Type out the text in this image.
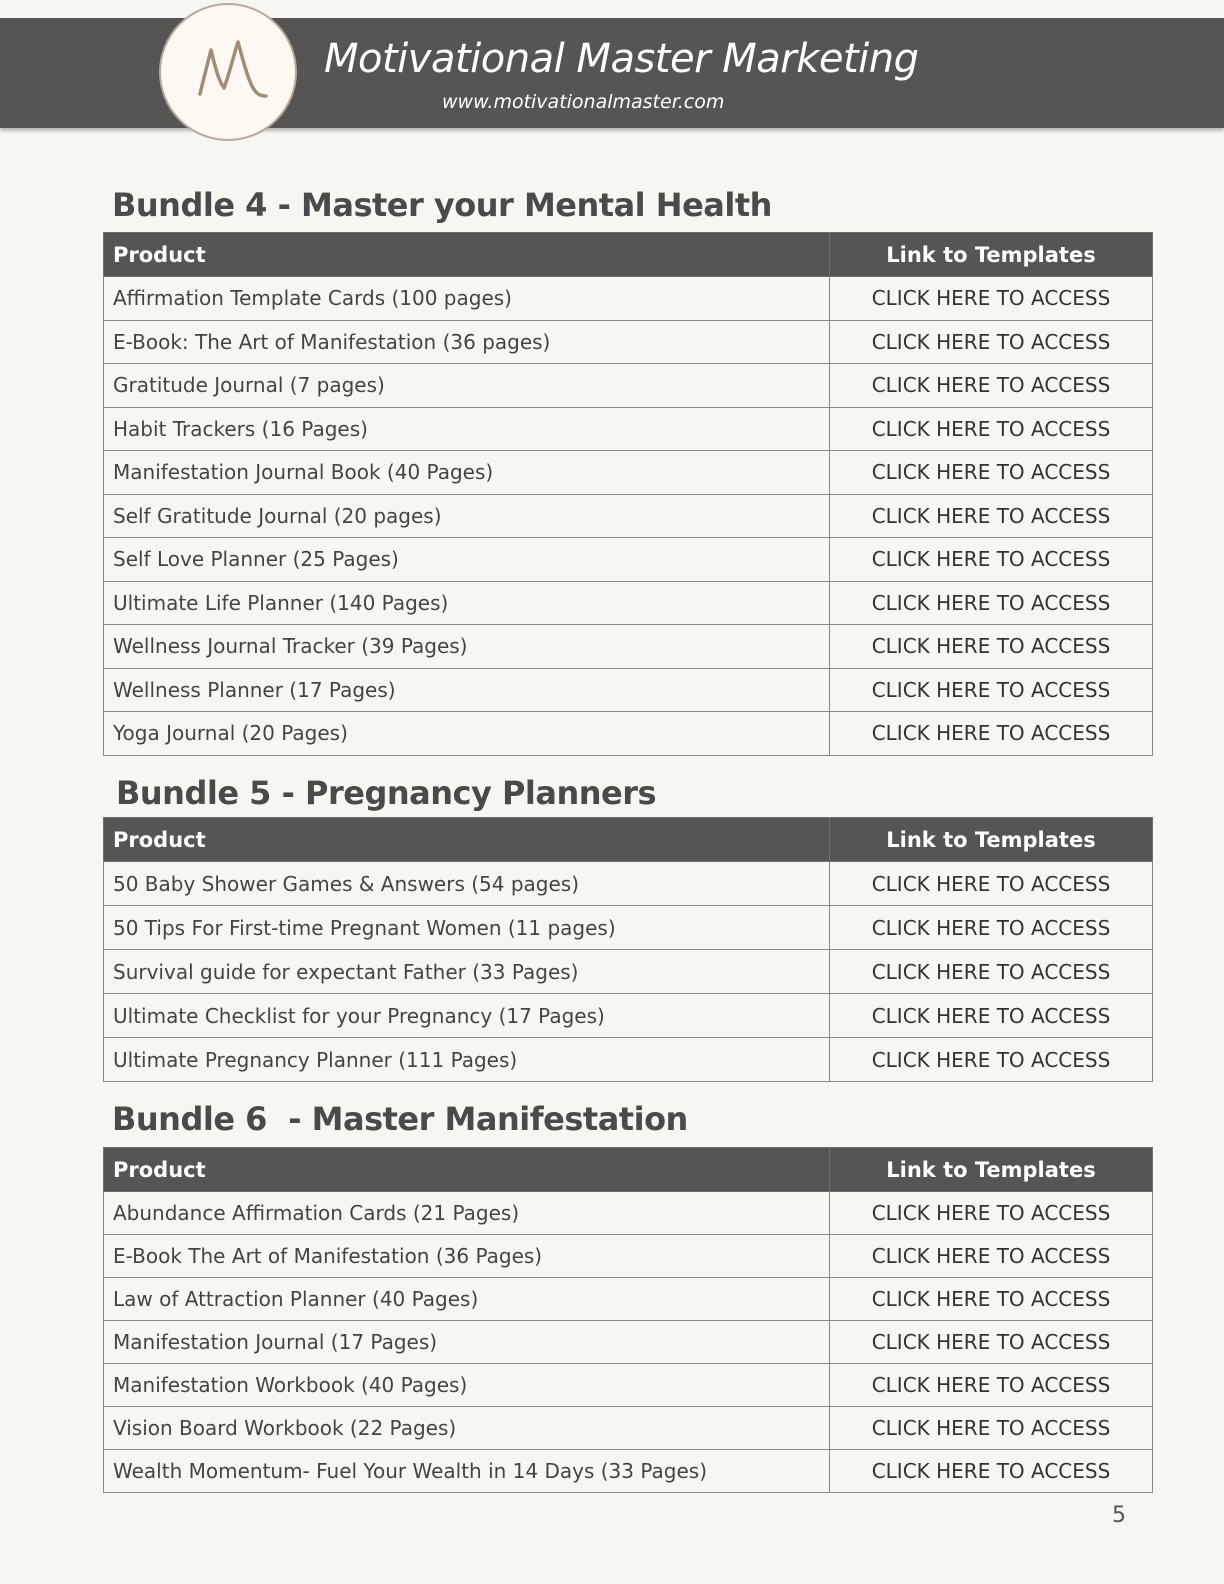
Motivational Master Marketing
www.motivationalmaster.com
Bundle 4 - Master your Mental Health
Product	Link to Templates
Affirmation Template Cards (100 pages)	CLICK HERE TO ACCESS
E-Book: The Art of Manifestation (36 pages)	CLICK HERE TO ACCESS
Gratitude Journal (7 pages)	CLICK HERE TO ACCESS
Habit Trackers (16 Pages)	CLICK HERE TO ACCESS
Manifestation Journal Book (40 Pages)	CLICK HERE TO ACCESS
Self Gratitude Journal (20 pages)	CLICK HERE TO ACCESS
Self Love Planner (25 Pages)	CLICK HERE TO ACCESS
Ultimate Life Planner (140 Pages)	CLICK HERE TO ACCESS
Wellness Journal Tracker (39 Pages)	CLICK HERE TO ACCESS
Wellness Planner (17 Pages)	CLICK HERE TO ACCESS
Yoga Journal (20 Pages)	CLICK HERE TO ACCESS
Bundle 5 - Pregnancy Planners
Product	Link to Templates
50 Baby Shower Games & Answers (54 pages)	CLICK HERE TO ACCESS
50 Tips For First-time Pregnant Women (11 pages)	CLICK HERE TO ACCESS
Survival guide for expectant Father (33 Pages)	CLICK HERE TO ACCESS
Ultimate Checklist for your Pregnancy (17 Pages)	CLICK HERE TO ACCESS
Ultimate Pregnancy Planner (111 Pages)	CLICK HERE TO ACCESS
Bundle 6  - Master Manifestation
Product	Link to Templates
Abundance Affirmation Cards (21 Pages)	CLICK HERE TO ACCESS
E-Book The Art of Manifestation (36 Pages)	CLICK HERE TO ACCESS
Law of Attraction Planner (40 Pages)	CLICK HERE TO ACCESS
Manifestation Journal (17 Pages)	CLICK HERE TO ACCESS
Manifestation Workbook (40 Pages)	CLICK HERE TO ACCESS
Vision Board Workbook (22 Pages)	CLICK HERE TO ACCESS
Wealth Momentum- Fuel Your Wealth in 14 Days (33 Pages)	CLICK HERE TO ACCESS
5
